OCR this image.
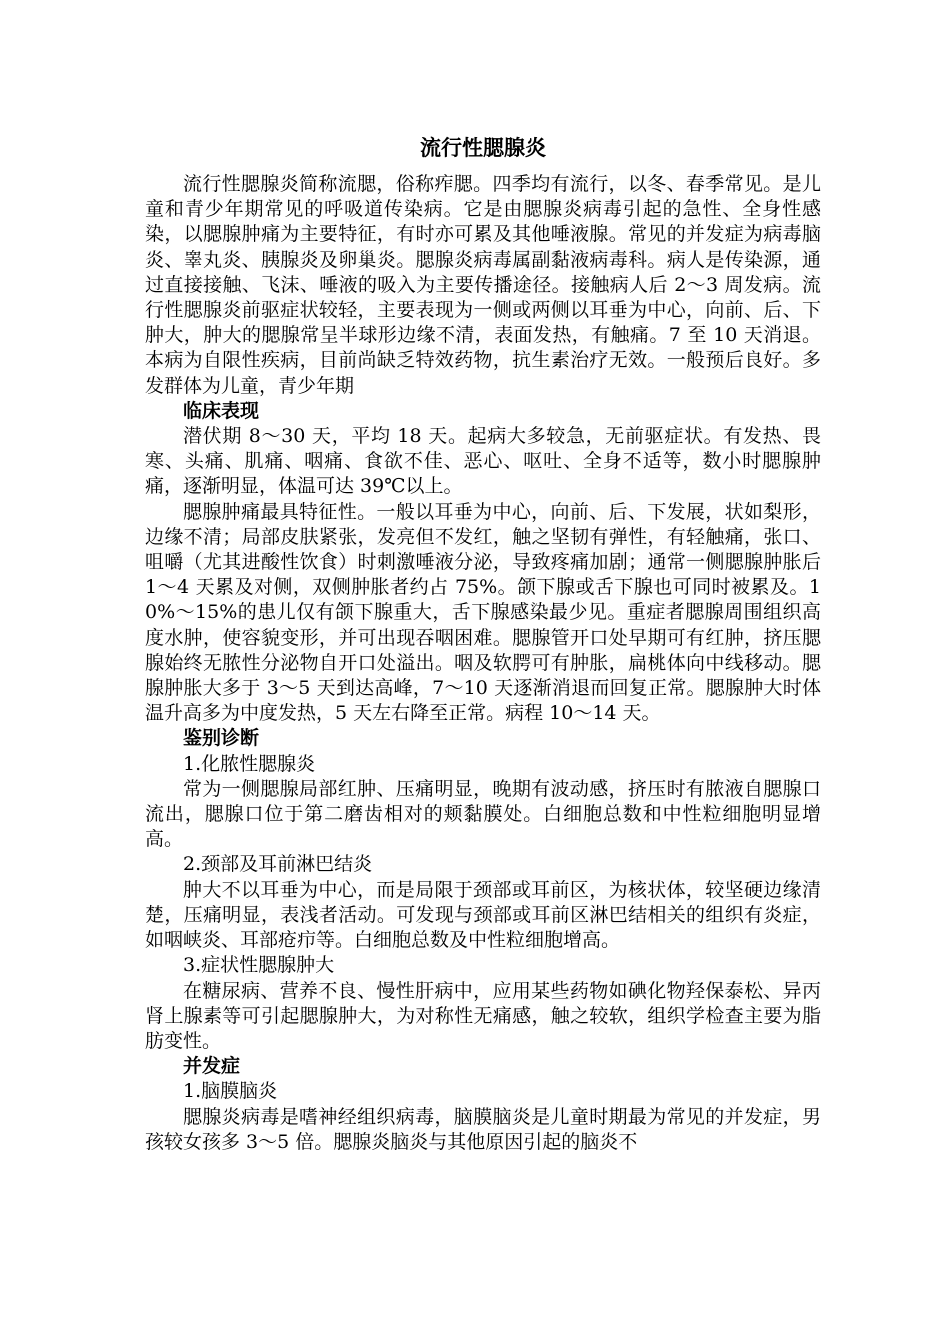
流行性腮腺炎

流行性腮腺炎简称流腮，俗称痄腮。四季均有流行，以冬、春季常见。是儿童和青少年期常见的呼吸道传染病。它是由腮腺炎病毒引起的急性、全身性感染，以腮腺肿痛为主要特征，有时亦可累及其他唾液腺。常见的并发症为病毒脑炎、睾丸炎、胰腺炎及卵巢炎。腮腺炎病毒属副黏液病毒科。病人是传染源，通过直接接触、飞沫、唾液的吸入为主要传播途径。接触病人后 2～3 周发病。流行性腮腺炎前驱症状较轻，主要表现为一侧或两侧以耳垂为中心，向前、后、下肿大，肿大的腮腺常呈半球形边缘不清，表面发热，有触痛。7 至 10 天消退。本病为自限性疾病，目前尚缺乏特效药物，抗生素治疗无效。一般预后良好。多发群体为儿童，青少年期

临床表现

潜伏期 8～30 天，平均 18 天。起病大多较急，无前驱症状。有发热、畏寒、头痛、肌痛、咽痛、食欲不佳、恶心、呕吐、全身不适等，数小时腮腺肿痛，逐渐明显，体温可达 39℃以上。

腮腺肿痛最具特征性。一般以耳垂为中心，向前、后、下发展，状如梨形，边缘不清；局部皮肤紧张，发亮但不发红，触之坚韧有弹性，有轻触痛，张口、咀嚼（尤其进酸性饮食）时刺激唾液分泌，导致疼痛加剧；通常一侧腮腺肿胀后 1～4 天累及对侧，双侧肿胀者约占 75%。颌下腺或舌下腺也可同时被累及。10%～15%的患儿仅有颌下腺重大，舌下腺感染最少见。重症者腮腺周围组织高度水肿，使容貌变形，并可出现吞咽困难。腮腺管开口处早期可有红肿，挤压腮腺始终无脓性分泌物自开口处溢出。咽及软腭可有肿胀，扁桃体向中线移动。腮腺肿胀大多于 3～5 天到达高峰，7～10 天逐渐消退而回复正常。腮腺肿大时体温升高多为中度发热，5 天左右降至正常。病程 10～14 天。

鉴别诊断
1.化脓性腮腺炎

常为一侧腮腺局部红肿、压痛明显，晚期有波动感，挤压时有脓液自腮腺口流出，腮腺口位于第二磨齿相对的颊黏膜处。白细胞总数和中性粒细胞明显增高。

2.颈部及耳前淋巴结炎

肿大不以耳垂为中心，而是局限于颈部或耳前区，为核状体，较坚硬边缘清楚，压痛明显，表浅者活动。可发现与颈部或耳前区淋巴结相关的组织有炎症，如咽峡炎、耳部疮疖等。白细胞总数及中性粒细胞增高。

3.症状性腮腺肿大

在糖尿病、营养不良、慢性肝病中，应用某些药物如碘化物羟保泰松、异丙肾上腺素等可引起腮腺肿大，为对称性无痛感，触之较软，组织学检查主要为脂肪变性。

并发症
1.脑膜脑炎

腮腺炎病毒是嗜神经组织病毒，脑膜脑炎是儿童时期最为常见的并发症，男孩较女孩多 3～5 倍。腮腺炎脑炎与其他原因引起的脑炎不
